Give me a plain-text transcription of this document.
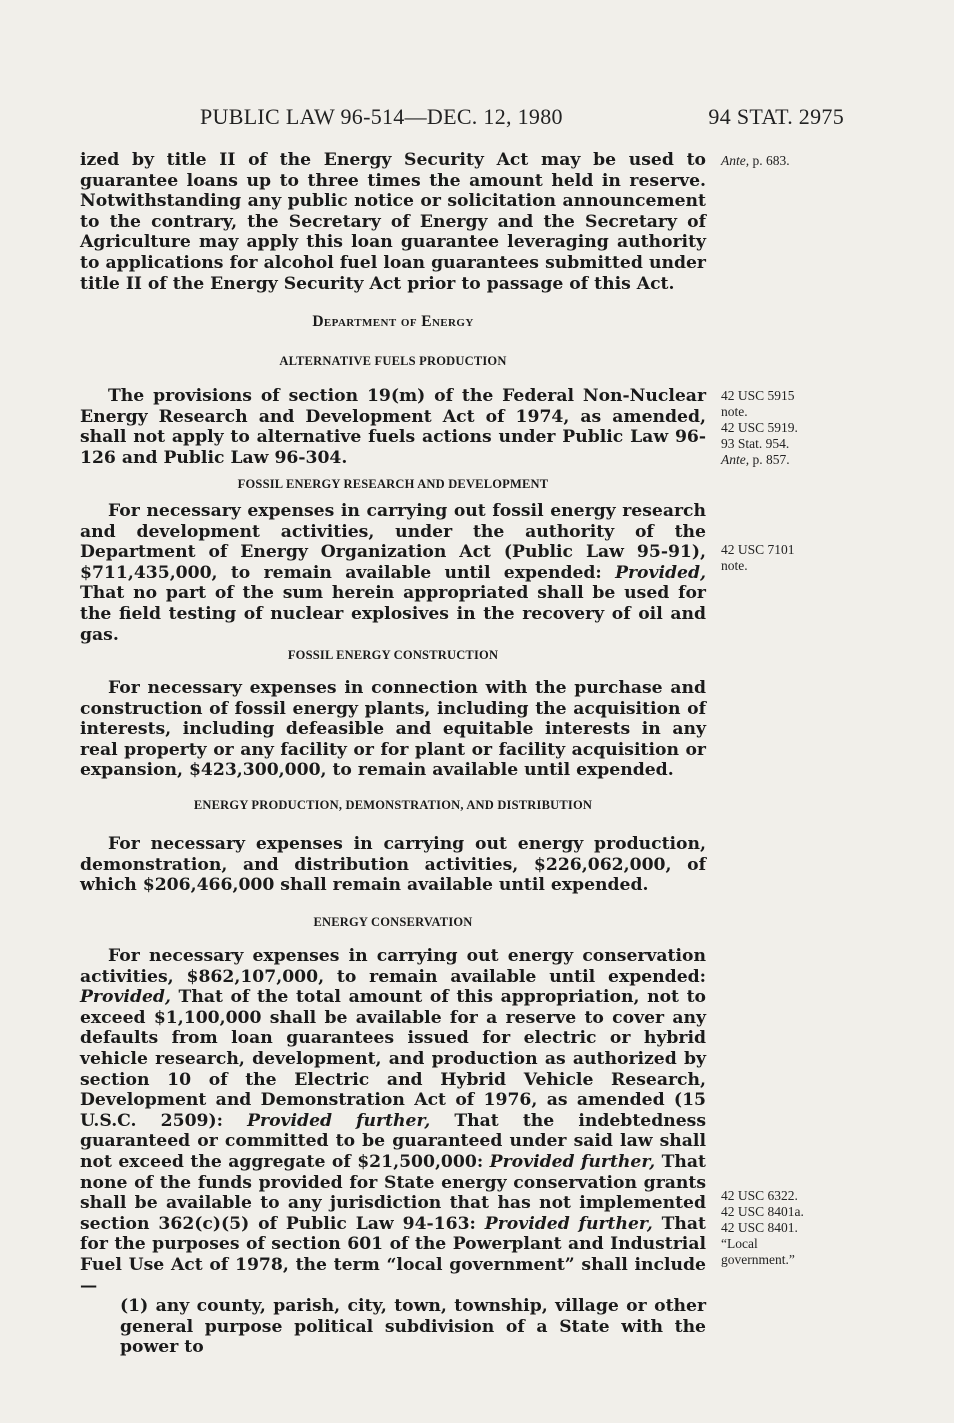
PUBLIC LAW 96-514—DEC. 12, 1980	94 STAT. 2975

ized by title II of the Energy Security Act may be used to guarantee loans up to three times the amount held in reserve. Notwithstanding any public notice or solicitation announcement to the contrary, the Secretary of Energy and the Secretary of Agriculture may apply this loan guarantee leveraging authority to applications for alcohol fuel loan guarantees submitted under title II of the Energy Security Act prior to passage of this Act.

Department of Energy
ALTERNATIVE FUELS PRODUCTION

The provisions of section 19(m) of the Federal Non-Nuclear Energy Research and Development Act of 1974, as amended, shall not apply to alternative fuels actions under Public Law 96-126 and Public Law 96-304.

FOSSIL ENERGY RESEARCH AND DEVELOPMENT

For necessary expenses in carrying out fossil energy research and development activities, under the authority of the Department of Energy Organization Act (Public Law 95-91), $711,435,000, to remain available until expended: Provided, That no part of the sum herein appropriated shall be used for the field testing of nuclear explosives in the recovery of oil and gas.

FOSSIL ENERGY CONSTRUCTION

For necessary expenses in connection with the purchase and construction of fossil energy plants, including the acquisition of interests, including defeasible and equitable interests in any real property or any facility or for plant or facility acquisition or expansion, $423,300,000, to remain available until expended.

ENERGY PRODUCTION, DEMONSTRATION, AND DISTRIBUTION

For necessary expenses in carrying out energy production, demonstration, and distribution activities, $226,062,000, of which $206,466,000 shall remain available until expended.

ENERGY CONSERVATION

For necessary expenses in carrying out energy conservation activities, $862,107,000, to remain available until expended: Provided, That of the total amount of this appropriation, not to exceed $1,100,000 shall be available for a reserve to cover any defaults from loan guarantees issued for electric or hybrid vehicle research, development, and production as authorized by section 10 of the Electric and Hybrid Vehicle Research, Development and Demonstration Act of 1976, as amended (15 U.S.C. 2509): Provided further, That the indebtedness guaranteed or committed to be guaranteed under said law shall not exceed the aggregate of $21,500,000: Provided further, That none of the funds provided for State energy conservation grants shall be available to any jurisdiction that has not implemented section 362(c)(5) of Public Law 94-163: Provided further, That for the purposes of section 601 of the Powerplant and Industrial Fuel Use Act of 1978, the term “local government” shall include—

(1) any county, parish, city, town, township, village or other general purpose political subdivision of a State with the power to

Ante, p. 683.
42 USC 5915
note.
42 USC 5919.
93 Stat. 954.
Ante, p. 857.
42 USC 7101
note.
42 USC 6322.
42 USC 8401a.
42 USC 8401.
“Local
government.”
